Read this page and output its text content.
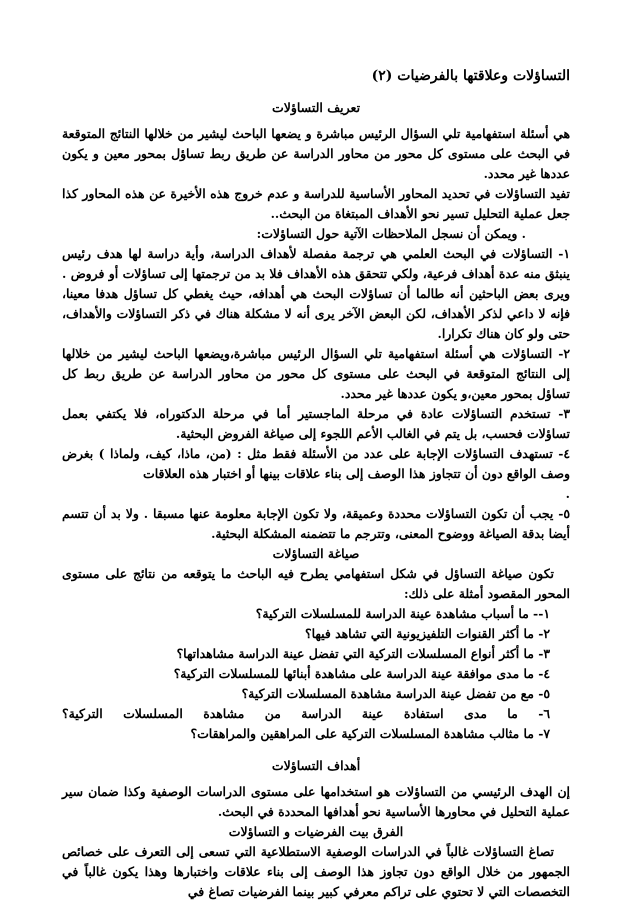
التساؤلات وعلاقتها بالفرضيات (٢)
تعريف التساؤلات

هي أسئلة استفهامية تلي السؤال الرئيس مباشرة و يضعها الباحث ليشير من خلالها النتائج المتوقعة في البحث على مستوى كل محور من محاور الدراسة عن طريق ربط تساؤل بمحور معين و يكون عددها غير محدد.

تفيد التساؤلات في تحديد المحاور الأساسية للدراسة و عدم خروج هذه الأخيرة عن هذه المحاور كذا جعل عملية التحليل تسير نحو الأهداف المبتغاة من البحث..

. ويمكن أن نسجل الملاحظات الآتية حول التساؤلات:

١- التساؤلات في البحث العلمي هي ترجمة مفصلة لأهداف الدراسة، وأية دراسة لها هدف رئيس ينبثق منه عدة أهداف فرعية، ولكي تتحقق هذه الأهداف فلا بد من ترجمتها إلى تساؤلات أو فروض . ويرى بعض الباحثين أنه طالما أن تساؤلات البحث هي أهدافه، حيث يغطي كل تساؤل هدفا معينا، فإنه لا داعي لذكر الأهداف، لكن البعض الآخر يرى أنه لا مشكلة هناك في ذكر التساؤلات والأهداف، حتى ولو كان هناك تكرارا.

٢- التساؤلات هي أسئلة استفهامية تلي السؤال الرئيس مباشرة،ويضعها الباحث ليشير من خلالها إلى النتائج المتوقعة في البحث على مستوى كل محور من محاور الدراسة عن طريق ربط كل تساؤل بمحور معين،و يكون عددها غير محدد.

٣- تستخدم التساؤلات عادة في مرحلة الماجستير أما في مرحلة الدكتوراه، فلا يكتفي بعمل تساؤلات فحسب، بل يتم في الغالب الأعم اللجوء إلى صياغة الفروض البحثية.

٤- تستهدف التساؤلات الإجابة على عدد من الأسئلة فقط مثل : (من، ماذا، كيف، ولماذا ) بغرض وصف الواقع دون أن تتجاوز هذا الوصف إلى بناء علاقات بينها أو اختبار هذه العلاقات

.

٥- يجب أن تكون التساؤلات محددة وعميقة، ولا تكون الإجابة معلومة عنها مسبقا . ولا بد أن تتسم أيضا بدقة الصياغة ووضوح المعنى، وتترجم ما تتضمنه المشكلة البحثية.

صياغة التساؤلات

تكون صياغة التساؤل في شكل استفهامي يطرح فيه الباحث ما يتوقعه من نتائج على مستوى المحور المقصود أمثلة على ذلك:

١-- ما أسباب مشاهدة عينة الدراسة للمسلسلات التركية؟

٢- ما أكثر القنوات التلفيزيونية التي تشاهد فيها؟

٣- ما أكثر أنواع المسلسلات التركية التي تفضل عينة الدراسة مشاهداتها؟

٤- ما مدى موافقة عينة الدراسة على مشاهدة أبنائها للمسلسلات التركية؟

٥- مع من تفضل عينة الدراسة مشاهدة المسلسلات التركية؟

٦- ما مدى استفادة عينة الدراسة من مشاهدة المسلسلات التركية؟

٧- ما مثالب مشاهدة المسلسلات التركية على المراهقين والمراهقات؟

أهداف التساؤلات

إن الهدف الرئيسي من التساؤلات هو استخدامها على مستوى الدراسات الوصفية وكذا ضمان سير عملية التحليل في محاورها الأساسية نحو أهدافها المحددة في البحث.

الفرق بيت الفرضيات و التساؤلات

تصاغ التساؤلات غالباً في الدراسات الوصفية الاستطلاعية التي تسعى إلى التعرف على خصائص الجمهور من خلال الواقع دون تجاوز هذا الوصف إلى بناء علاقات واختبارها وهذا يكون غالباً في التخصصات التي لا تحتوي على تراكم معرفي كبير بينما الفرضيات تصاغ في
